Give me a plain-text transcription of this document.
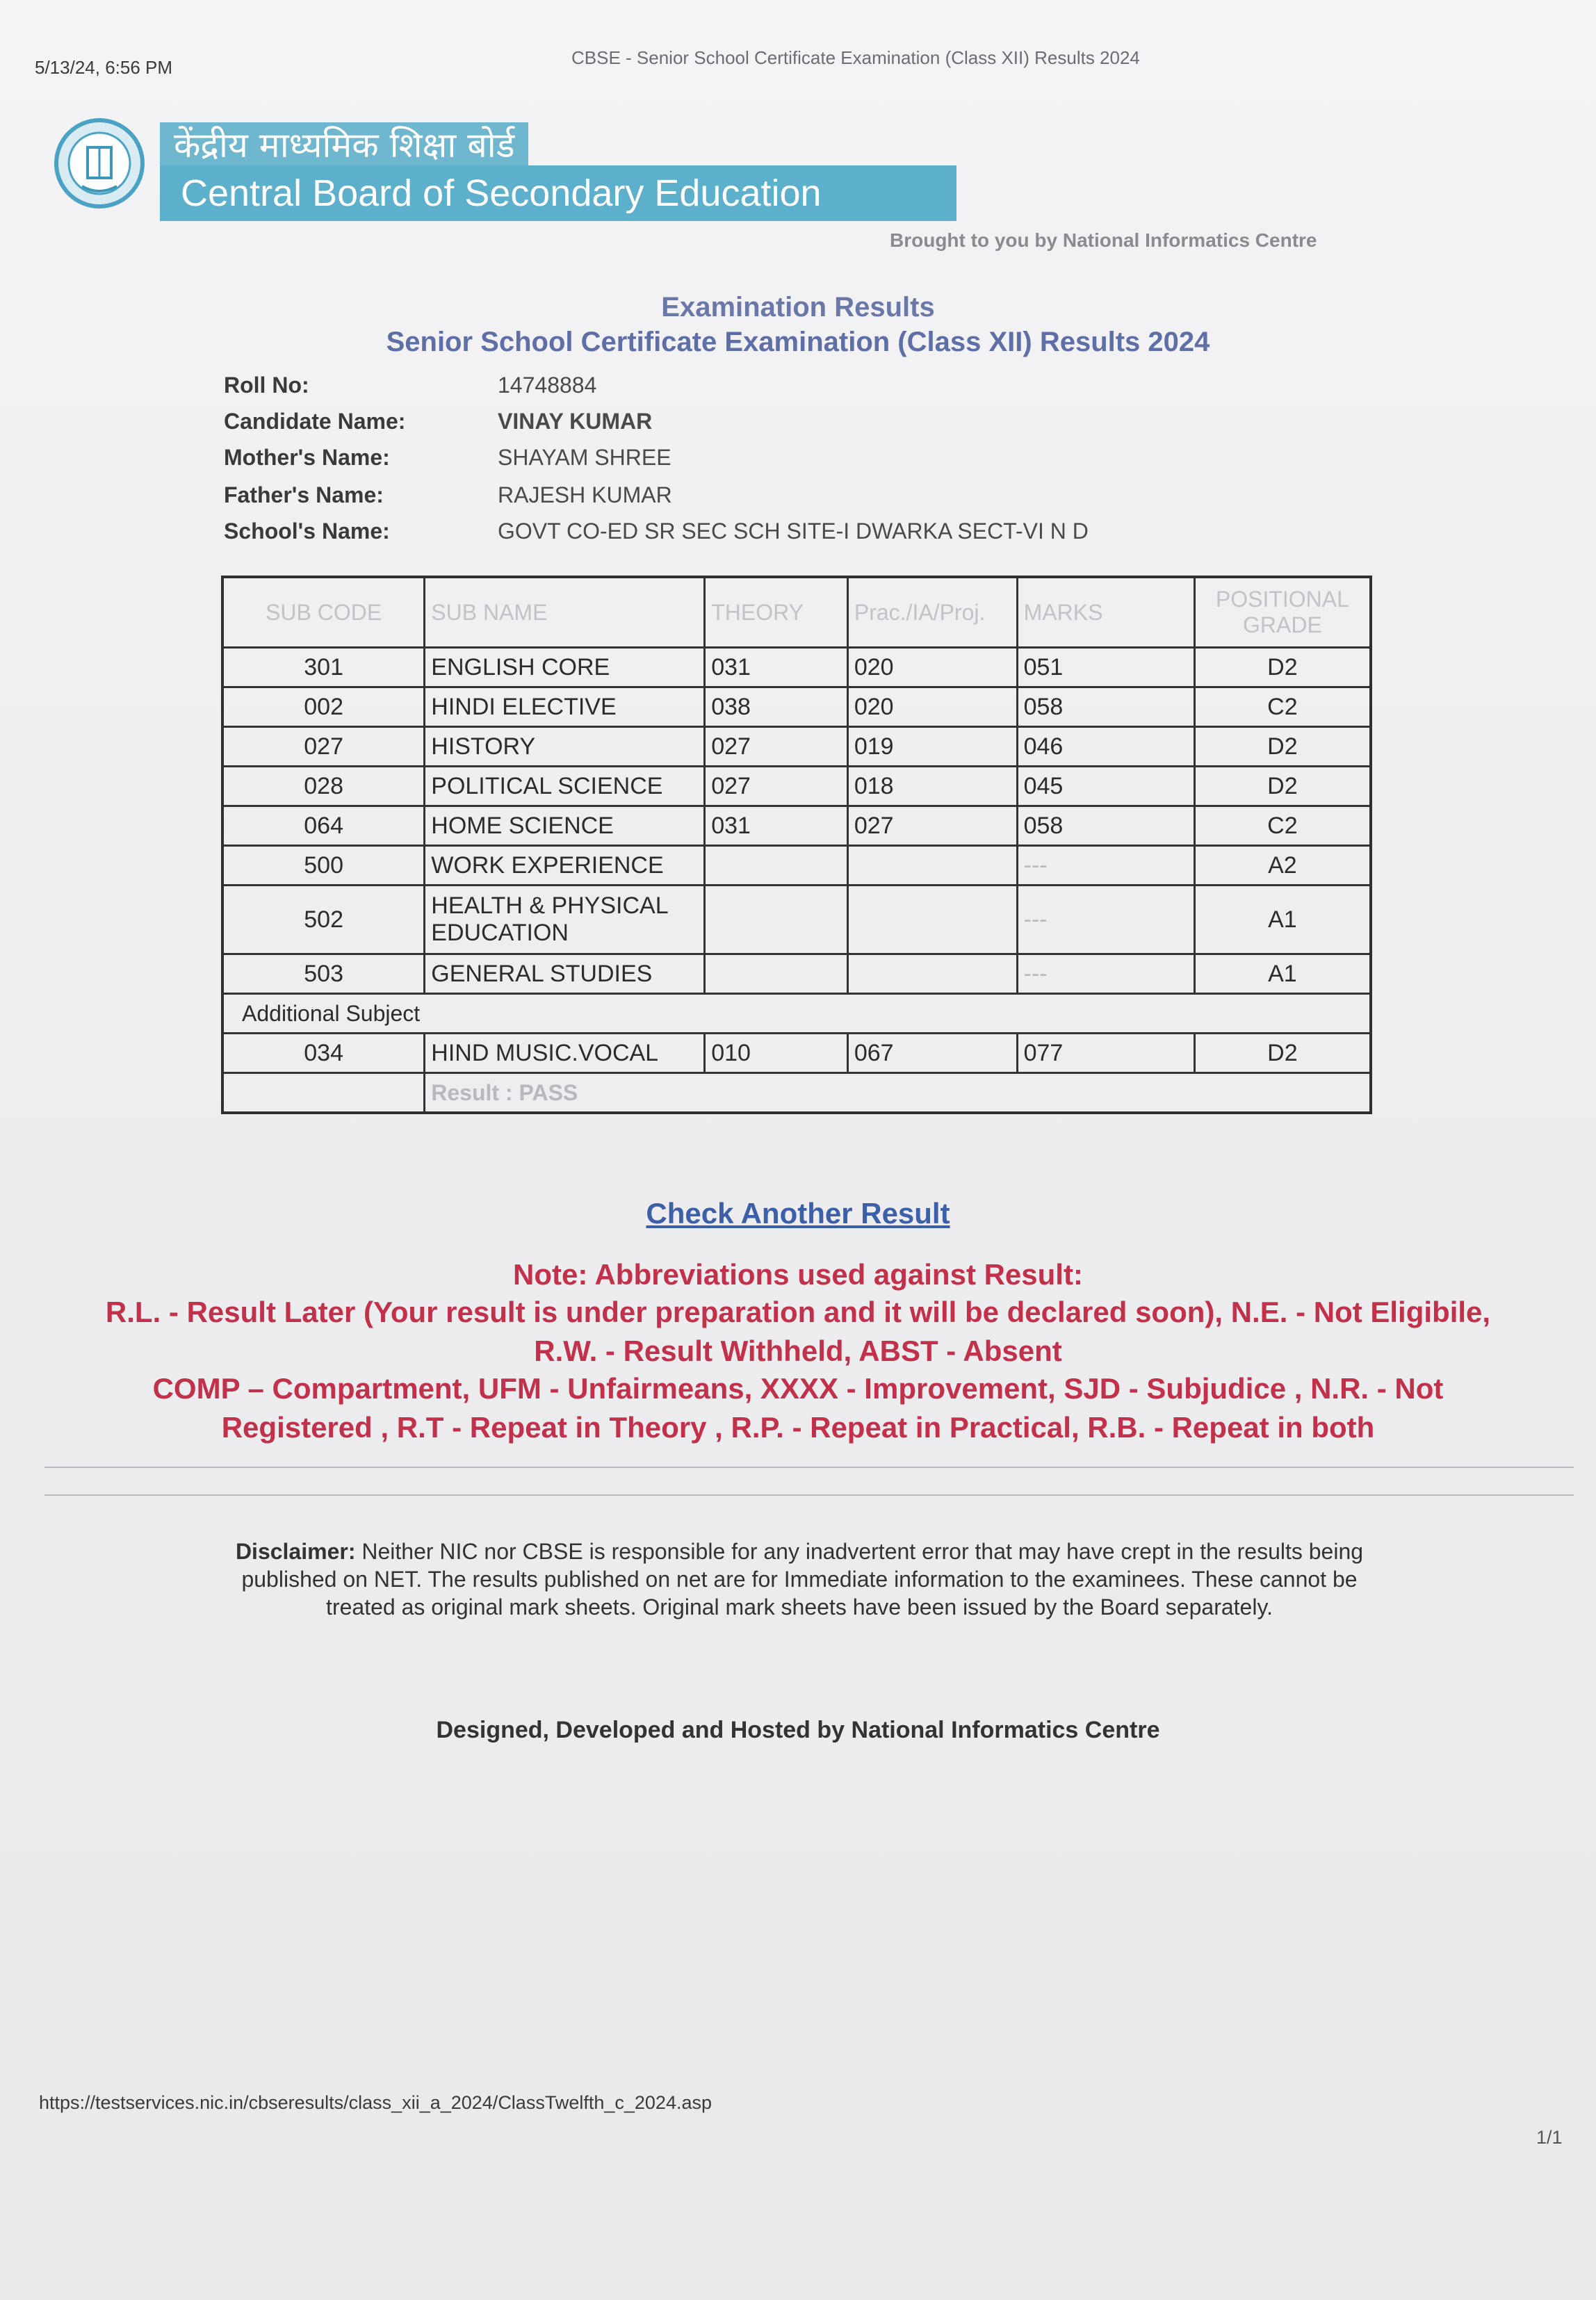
5/13/24, 6:56 PM	CBSE - Senior School Certificate Examination (Class XII) Results 2024
केंद्रीय माध्यमिक शिक्षा बोर्ड
Central Board of Secondary Education
Brought to you by National Informatics Centre
Examination Results
Senior School Certificate Examination (Class XII) Results 2024
Roll No:	14748884
Candidate Name:	VINAY KUMAR
Mother's Name:	SHAYAM SHREE
Father's Name:	RAJESH KUMAR
School's Name:	GOVT CO-ED SR SEC SCH SITE-I DWARKA SECT-VI N D
SUB CODE	SUB NAME	THEORY	Prac./IA/Proj.	MARKS	POSITIONAL GRADE
301	ENGLISH CORE	031	020	051	D2
002	HINDI ELECTIVE	038	020	058	C2
027	HISTORY	027	019	046	D2
028	POLITICAL SCIENCE	027	018	045	D2
064	HOME SCIENCE	031	027	058	C2
500	WORK EXPERIENCE			---	A2
502	HEALTH & PHYSICAL EDUCATION			---	A1
503	GENERAL STUDIES			---	A1
Additional Subject					
034	HIND MUSIC.VOCAL	010	067	077	D2
	Result : PASS				
Check Another Result
Note: Abbreviations used against Result:
R.L. - Result Later (Your result is under preparation and it will be declared soon), N.E. - Not Eligibile,
R.W. - Result Withheld, ABST - Absent
COMP – Compartment, UFM - Unfairmeans, XXXX - Improvement, SJD - Subjudice , N.R. - Not
Registered , R.T - Repeat in Theory , R.P. - Repeat in Practical, R.B. - Repeat in both
Disclaimer: Neither NIC nor CBSE is responsible for any inadvertent error that may have crept in the results being published on NET. The results published on net are for Immediate information to the examinees. These cannot be treated as original mark sheets. Original mark sheets have been issued by the Board separately.
Designed, Developed and Hosted by National Informatics Centre
https://testservices.nic.in/cbseresults/class_xii_a_2024/ClassTwelfth_c_2024.asp
1/1
